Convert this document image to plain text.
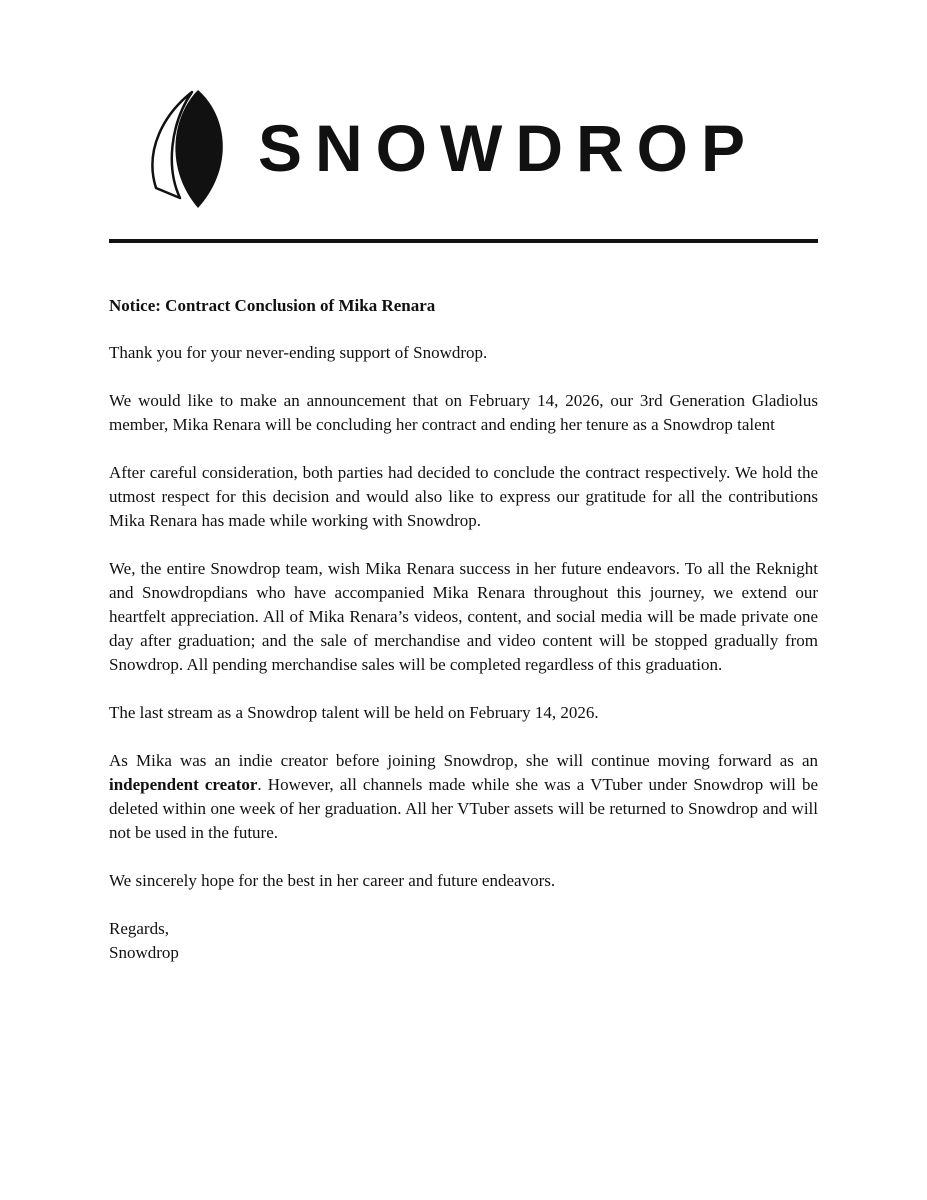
SNOWDROP

Notice: Contract Conclusion of Mika Renara

Thank you for your never-ending support of Snowdrop.

We would like to make an announcement that on February 14, 2026, our 3rd Generation Gladiolus member, Mika Renara will be concluding her contract and ending her tenure as a Snowdrop talent

After careful consideration, both parties had decided to conclude the contract respectively. We hold the utmost respect for this decision and would also like to express our gratitude for all the contributions Mika Renara has made while working with Snowdrop.

We, the entire Snowdrop team, wish Mika Renara success in her future endeavors. To all the Reknight and Snowdropdians who have accompanied Mika Renara throughout this journey, we extend our heartfelt appreciation. All of Mika Renara’s videos, content, and social media will be made private one day after graduation; and the sale of merchandise and video content will be stopped gradually from Snowdrop. All pending merchandise sales will be completed regardless of this graduation.

The last stream as a Snowdrop talent will be held on February 14, 2026.

As Mika was an indie creator before joining Snowdrop, she will continue moving forward as an independent creator. However, all channels made while she was a VTuber under Snowdrop will be deleted within one week of her graduation. All her VTuber assets will be returned to Snowdrop and will not be used in the future.

We sincerely hope for the best in her career and future endeavors.

Regards,

Snowdrop
